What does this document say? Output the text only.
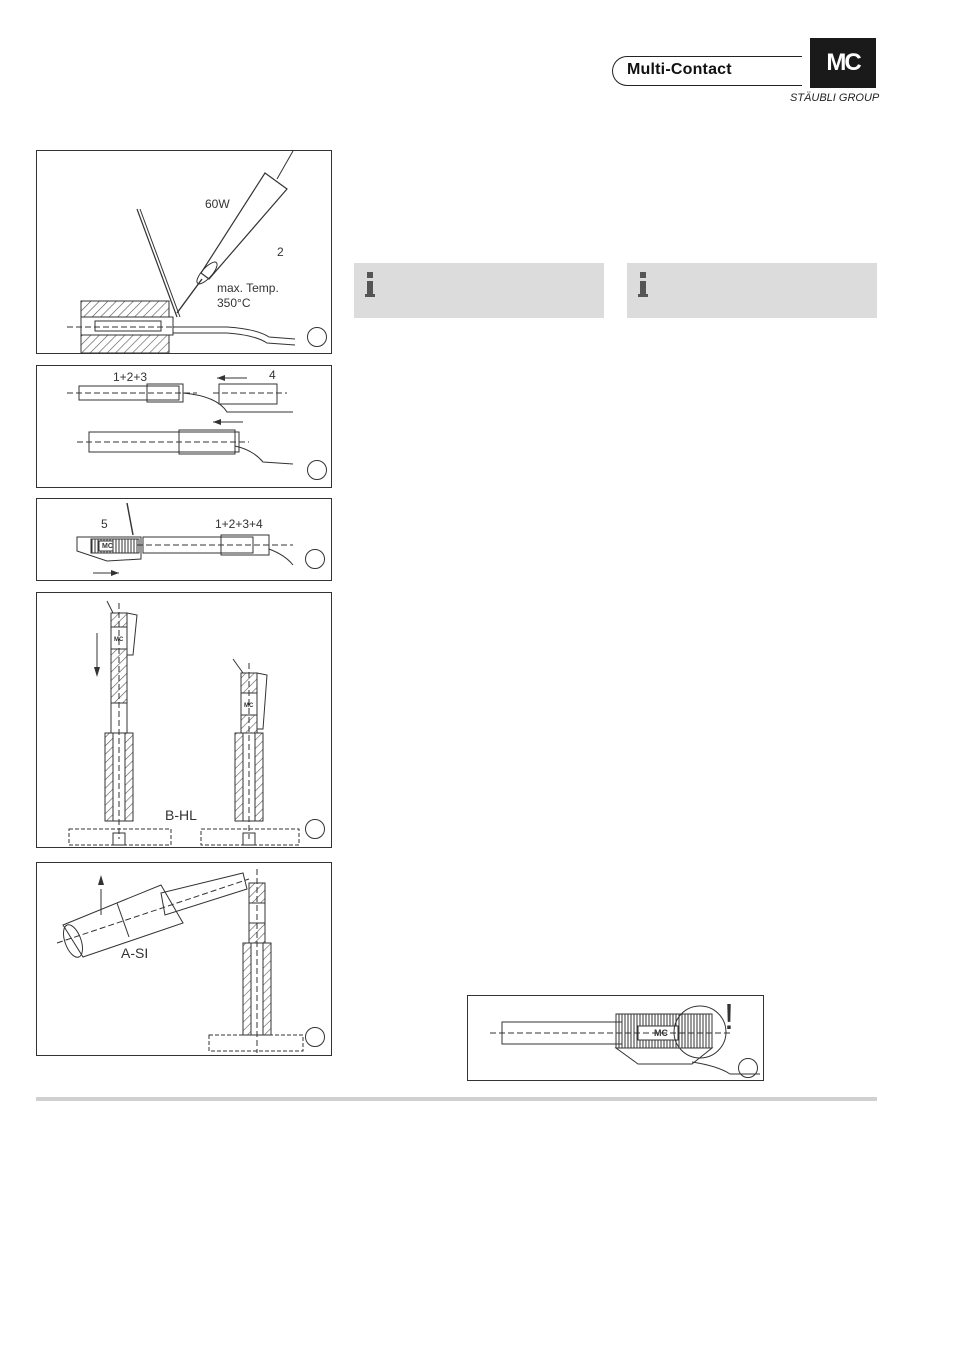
Multi-Contact	MC
STÄUBLI GROUP
60W
2
max. Temp.
350°C
1+2+3	4
MC
5	1+2+3+4
MC
MC
B-HL
A-SI
MC !
